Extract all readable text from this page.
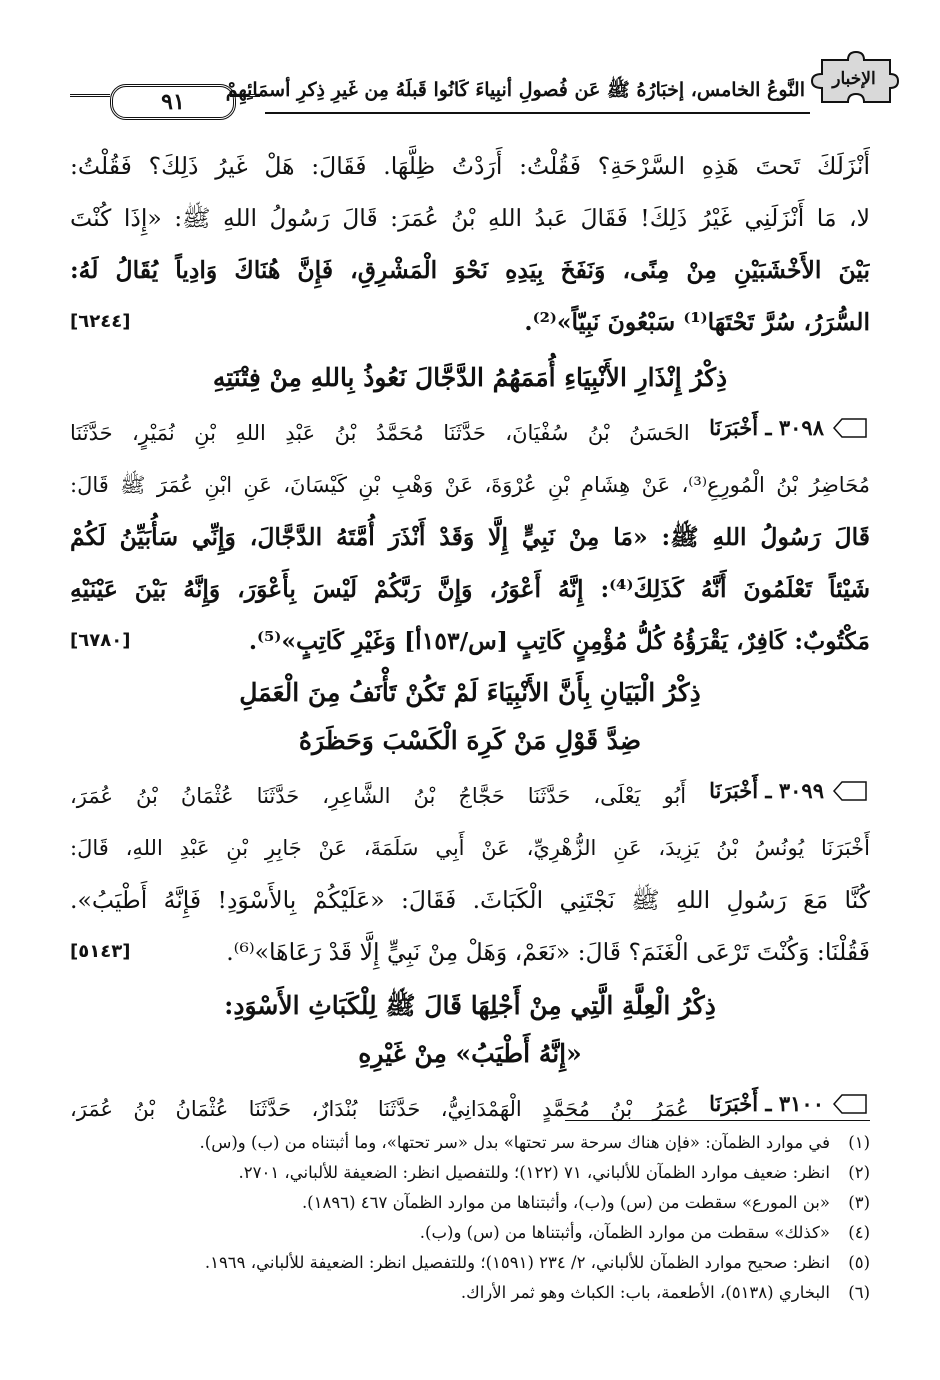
٩١	النَّوعُ الخامس، إخبَارُهُ ﷺ عَن فُصولِ أنبِياءَ كَانُوا قَبلَهُ مِن غَيرِ ذِكرِ أسمَائِهِمْ الإخبار
أَنْزَلَكَ تَحتَ هَذِهِ السَّرْحَةِ؟ فَقُلْتُ: أَرَدْتُ ظِلَّهَا. فَقَالَ: هَلْ غَيرُ ذَلِكَ؟ فَقُلْتُ:
لا، مَا أَنْزَلَنِي غَيْرُ ذَلِكَ! فَقَالَ عَبدُ اللهِ بْنُ عُمَرَ: قَالَ رَسُولُ اللهِ ﷺ: «إِذَا كُنْتَ
بَيْنَ الأَخْشَبَيْنِ مِنْ مِنًى، وَنَفَخَ بِيَدِهِ نَحْوَ الْمَشْرِقِ، فَإِنَّ هُنَاكَ وَادِياً يُقَالُ لَهُ:
[٦٢٤٤]	السُّرَرُ، سُرَّ تَحْتَهَا⁽¹⁾ سَبْعُونَ نَبِيّاً»⁽²⁾.
ذِكْرُ إِنْذَارِ الأَنْبِيَاءِ أُمَمَهُمُ الدَّجَّالَ نَعُوذُ بِاللهِ مِنْ فِتْنَتِهِ
٣٠٩٨ ـ أَخْبَرَنَا
الحَسَنُ بْنُ سُفْيَانَ، حَدَّثَنَا مُحَمَّدُ بْنُ عَبْدِ اللهِ بْنِ نُمَيْرٍ، حَدَّثَنَا
مُحَاضِرُ بْنُ الْمُورِعِ⁽³⁾، عَنْ هِشَامِ بْنِ عُرْوَةَ، عَنْ وَهْبِ بْنِ كَيْسَانَ، عَنِ ابْنِ عُمَرَ ﷺ قَالَ:
قَالَ رَسُولُ اللهِ ﷺ: «مَا مِنْ نَبِيٍّ إِلَّا وَقَدْ أَنْذَرَ أُمَّتَهُ الدَّجَّالَ، وَإِنِّي سَأُبَيِّنُ لَكُمْ
شَيْئاً تَعْلَمُونَ أَنَّهُ كَذَلِكَ⁽⁴⁾: إِنَّهُ أَعْوَرُ، وَإِنَّ رَبَّكُمْ لَيْسَ بِأَعْوَرَ، وَإِنَّهُ بَيْنَ عَيْنَيْهِ
[٦٧٨٠]	مَكْتُوبٌ: كَافِرٌ، يَقْرَؤُهُ كُلُّ مُؤْمِنٍ كَاتِبٍ [س/١٥٣أ] وَغَيْرِ كَاتِبٍ»⁽⁵⁾.
ذِكْرُ الْبَيَانِ بِأَنَّ الأَنْبِيَاءَ لَمْ تَكُنْ تَأْنَفُ مِنَ الْعَمَلِ
ضِدَّ قَوْلِ مَنْ كَرِهَ الْكَسْبَ وَحَظَرَهُ
٣٠٩٩ ـ أَخْبَرَنَا
أَبُو يَعْلَى، حَدَّثَنَا حَجَّاجُ بْنُ الشَّاعِرِ، حَدَّثَنَا عُثْمَانُ بْنُ عُمَرَ،
أَخْبَرَنَا يُونُسُ بْنُ يَزِيدَ، عَنِ الزُّهْرِيِّ، عَنْ أَبِي سَلَمَةَ، عَنْ جَابِرِ بْنِ عَبْدِ اللهِ، قَالَ:
كُنَّا مَعَ رَسُولِ اللهِ ﷺ نَجْتَنِي الْكَبَاثَ. فَقَالَ: «عَلَيْكُمْ بِالأَسْوَدِ! فَإِنَّهُ أَطْيَبُ».
[٥١٤٣]	فَقُلْنَا: وَكُنْتَ تَرْعَى الْغَنَمَ؟ قَالَ: «نَعَمْ، وَهَلْ مِنْ نَبِيٍّ إِلَّا قَدْ رَعَاهَا»⁽⁶⁾.
ذِكْرُ الْعِلَّةِ الَّتِي مِنْ أَجْلِهَا قَالَ ﷺ لِلْكَبَاثِ الأَسْوَدِ:
«إِنَّهُ أَطْيَبُ» مِنْ غَيْرِهِ
٣١٠٠ ـ أَخْبَرَنَا
عُمَرُ بْنُ مُحَمَّدٍ الْهَمْدَانِيُّ، حَدَّثَنَا بُنْدَارٌ، حَدَّثَنَا عُثْمَانُ بْنُ عُمَرَ،
(١)في موارد الظمآن: «فإن هناك سرحة سر تحتها» بدل «سر تحتها»، وما أثبتناه من (ب) و(س).
(٢)انظر: ضعيف موارد الظمآن للألباني، ٧١ (١٢٢)؛ وللتفصيل انظر: الضعيفة للألباني، ٢٧٠١.
(٣)«بن المورع» سقطت من (س) و(ب)، وأثبتناها من موارد الظمآن ٤٦٧ (١٨٩٦).
(٤)«كذلك» سقطت من موارد الظمآن، وأثبتناها من (س) و(ب).
(٥)انظر: صحيح موارد الظمآن للألباني، ٢/ ٢٣٤ (١٥٩١)؛ وللتفصيل انظر: الضعيفة للألباني، ١٩٦٩.
(٦)البخاري (٥١٣٨)، الأطعمة، باب: الكباث وهو ثمر الأراك.
